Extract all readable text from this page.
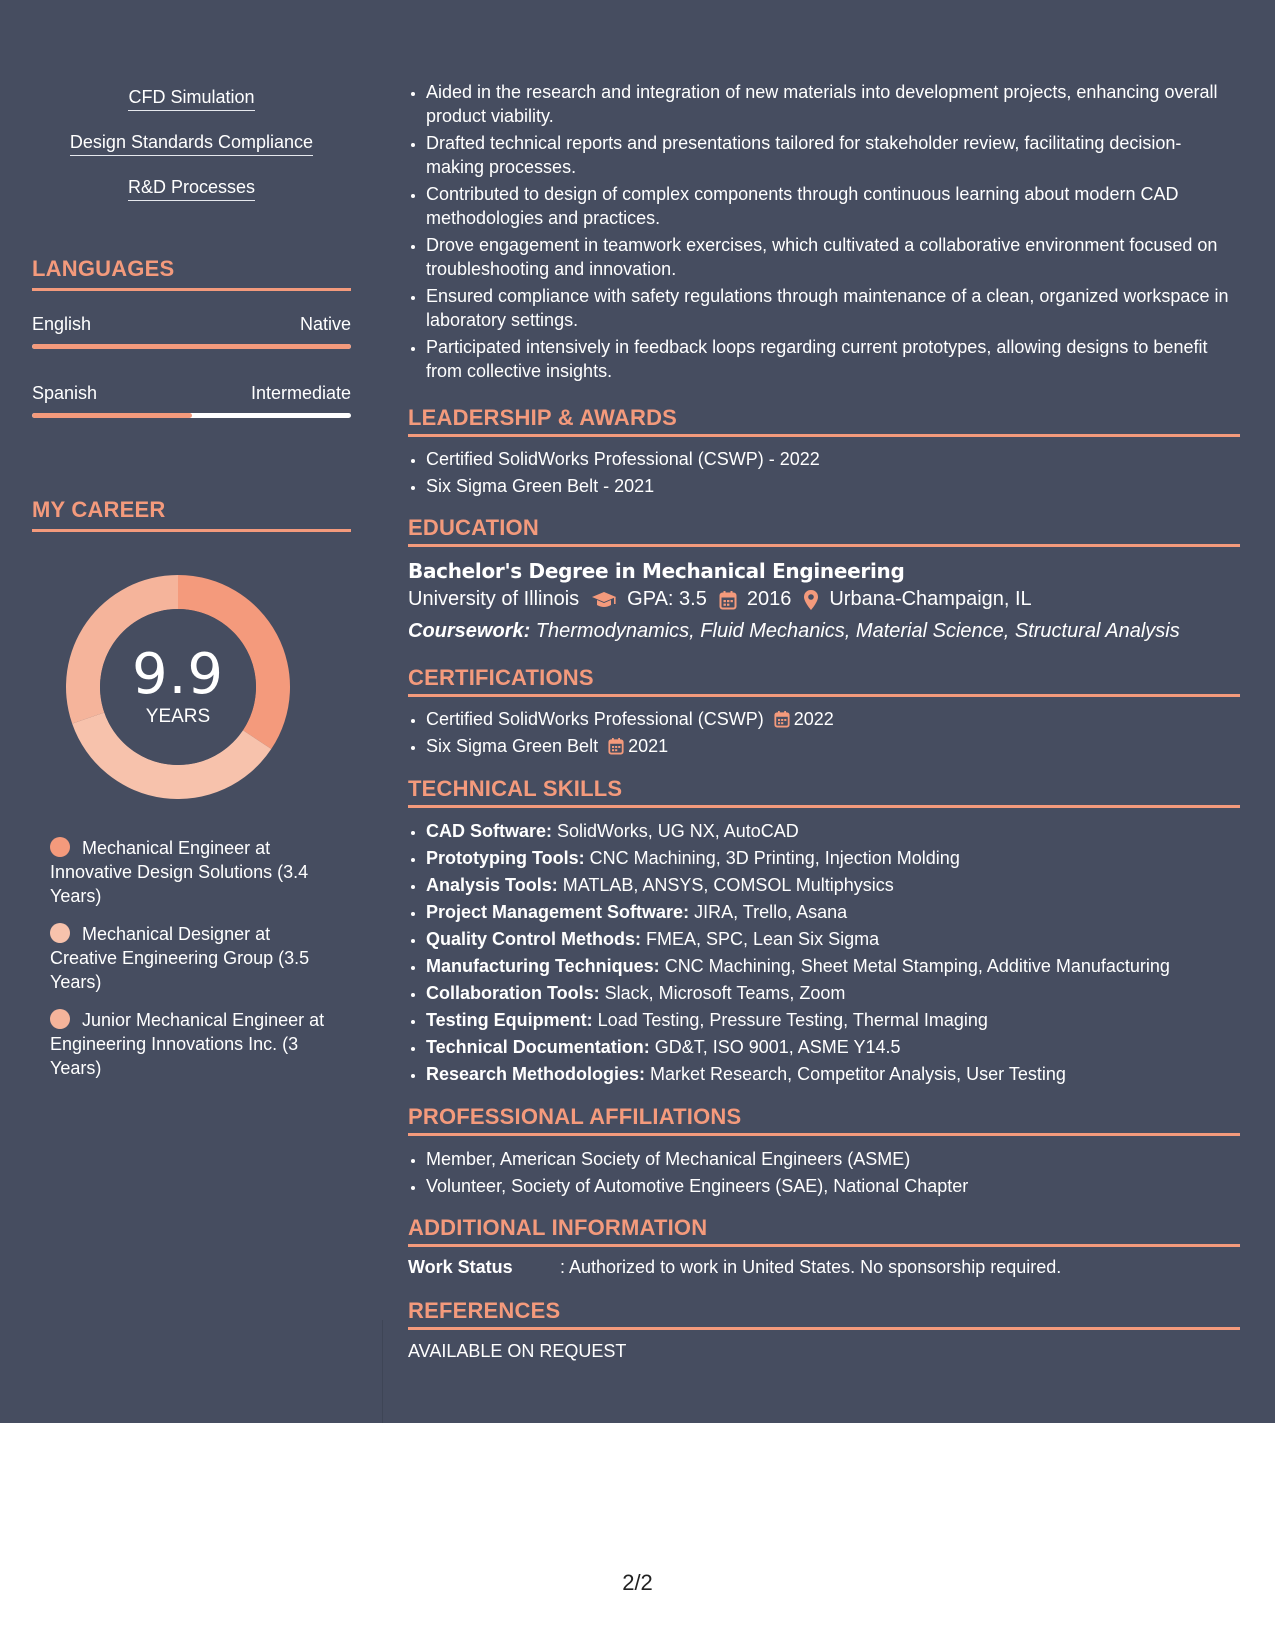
CFD Simulation
Design Standards Compliance
R&D Processes
LANGUAGES
English	Native
Spanish	Intermediate
MY CAREER
9.9
YEARS
Mechanical Engineer at Innovative Design Solutions (3.4 Years)
Mechanical Designer at Creative Engineering Group (3.5 Years)
Junior Mechanical Engineer at Engineering Innovations Inc. (3 Years)
• Aided in the research and integration of new materials into development projects, enhancing overall product viability.
• Drafted technical reports and presentations tailored for stakeholder review, facilitating decision-making processes.
• Contributed to design of complex components through continuous learning about modern CAD methodologies and practices.
• Drove engagement in teamwork exercises, which cultivated a collaborative environment focused on troubleshooting and innovation.
• Ensured compliance with safety regulations through maintenance of a clean, organized workspace in laboratory settings.
• Participated intensively in feedback loops regarding current prototypes, allowing designs to benefit from collective insights.
LEADERSHIP & AWARDS
• Certified SolidWorks Professional (CSWP) - 2022
• Six Sigma Green Belt - 2021
EDUCATION
Bachelor's Degree in Mechanical Engineering
University of Illinois GPA: 3.5 2016 Urbana-Champaign, IL
Coursework: Thermodynamics, Fluid Mechanics, Material Science, Structural Analysis
CERTIFICATIONS
• Certified SolidWorks Professional (CSWP) 2022
• Six Sigma Green Belt 2021
TECHNICAL SKILLS
• CAD Software: SolidWorks, UG NX, AutoCAD
• Prototyping Tools: CNC Machining, 3D Printing, Injection Molding
• Analysis Tools: MATLAB, ANSYS, COMSOL Multiphysics
• Project Management Software: JIRA, Trello, Asana
• Quality Control Methods: FMEA, SPC, Lean Six Sigma
• Manufacturing Techniques: CNC Machining, Sheet Metal Stamping, Additive Manufacturing
• Collaboration Tools: Slack, Microsoft Teams, Zoom
• Testing Equipment: Load Testing, Pressure Testing, Thermal Imaging
• Technical Documentation: GD&T, ISO 9001, ASME Y14.5
• Research Methodologies: Market Research, Competitor Analysis, User Testing
PROFESSIONAL AFFILIATIONS
• Member, American Society of Mechanical Engineers (ASME)
• Volunteer, Society of Automotive Engineers (SAE), National Chapter
ADDITIONAL INFORMATION
Work Status	: Authorized to work in United States. No sponsorship required.
REFERENCES
AVAILABLE ON REQUEST
2/2
